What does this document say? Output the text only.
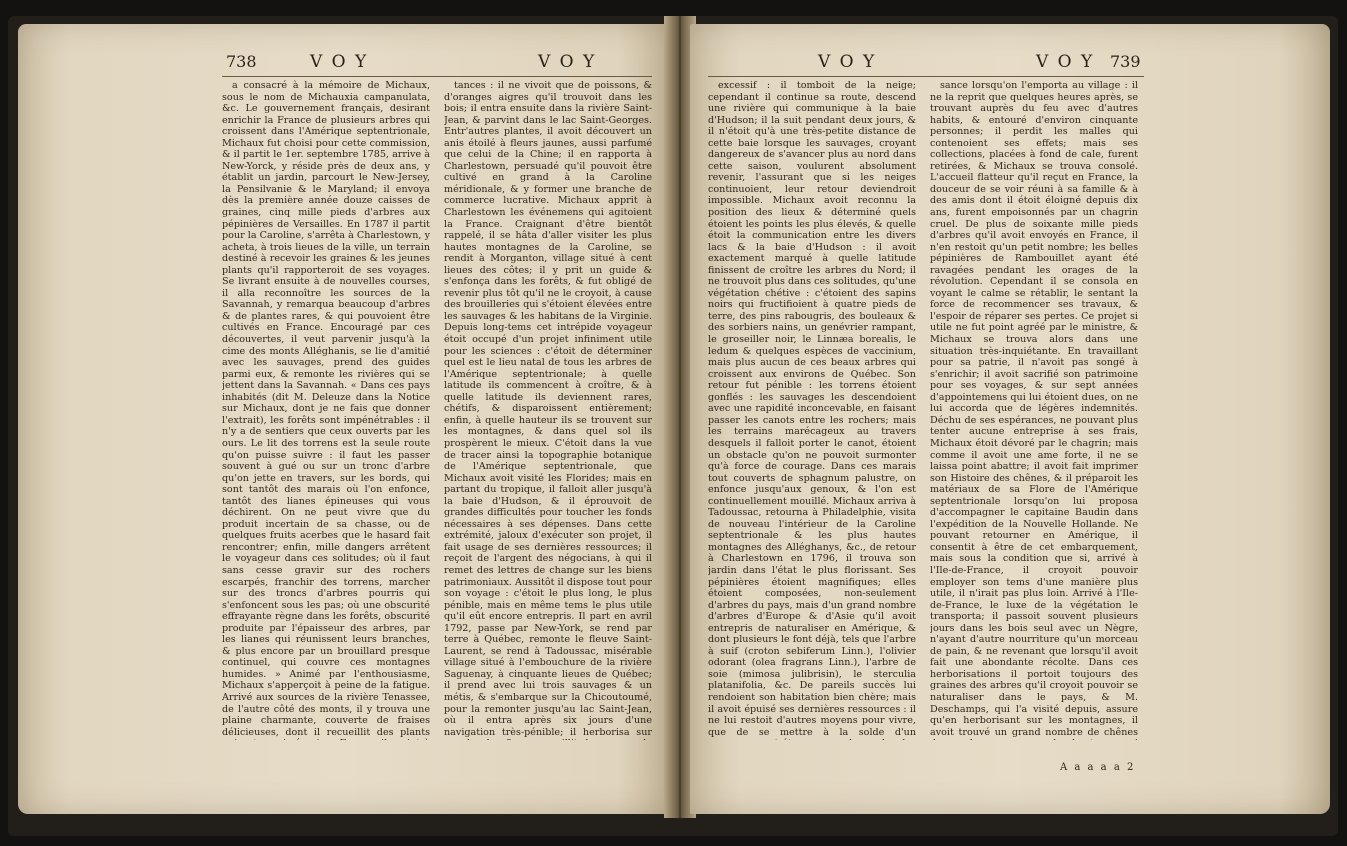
738	V O Y	V O Y

a consacré à la mémoire de Michaux, sous le nom de Michauxia campanulata, &c. Le gouvernement français, desirant enrichir la France de plusieurs arbres qui croissent dans l'Amérique septentrionale, Michaux fut choisi pour cette commission, & il partit le 1er. septembre 1785, arrive à New-Yorck, y réside près de deux ans, y établit un jardin, parcourt le New-Jersey, la Pensilvanie & le Maryland; il envoya dès la première année douze caisses de graines, cinq mille pieds d'arbres aux pépinières de Versailles. En 1787 il partit pour la Caroline, s'arrêta à Charlestown, y acheta, à trois lieues de la ville, un terrain destiné à recevoir les graines & les jeunes plants qu'il rapporteroit de ses voyages. Se livrant ensuite à de nouvelles courses, il alla reconnoître les sources de la Savannah, y remarqua beaucoup d'arbres & de plantes rares, & qui pouvoient être cultivés en France. Encouragé par ces découvertes, il veut parvenir jusqu'à la cime des monts Alléghanis, se lie d'amitié avec les sauvages, prend des guides parmi eux, & remonte les rivières qui se jettent dans la Savannah. « Dans ces pays inhabités (dit M. Deleuze dans la Notice sur Michaux, dont je ne fais que donner l'extrait), les forêts sont impénétrables : il n'y a de sentiers que ceux ouverts par les ours. Le lit des torrens est la seule route qu'on puisse suivre : il faut les passer souvent à gué ou sur un tronc d'arbre qu'on jette en travers, sur les bords, qui sont tantôt des marais où l'on enfonce, tantôt des lianes épineuses qui vous déchirent. On ne peut vivre que du produit incertain de sa chasse, ou de quelques fruits acerbes que le hasard fait rencontrer; enfin, mille dangers arrêtent le voyageur dans ces solitudes; où il faut sans cesse gravir sur des rochers escarpés, franchir des torrens, marcher sur des troncs d'arbres pourris qui s'enfoncent sous les pas; où une obscurité effrayante règne dans les forêts, obscurité produite par l'épaisseur des arbres, par les lianes qui réunissent leurs branches, & plus encore par un brouillard presque continuel, qui couvre ces montagnes humides. » Animé par l'enthousiasme, Michaux s'apperçoit à peine de la fatigue. Arrivé aux sources de la rivière Tenassee, de l'autre côté des monts, il y trouva une plaine charmante, couverte de fraises délicieuses, dont il recueillit des plants

tances : il ne vivoit que de poissons, & d'oranges aigres qu'il trouvoit dans les bois; il entra ensuite dans la rivière Saint-Jean, & parvint dans le lac Saint-Georges. Entr'autres plantes, il avoit découvert un anis étoilé à fleurs jaunes, aussi parfumé que celui de la Chine; il en rapporta à Charlestown, persuadé qu'il pouvoit être cultivé en grand à la Caroline méridionale, & y former une branche de commerce lucrative. Michaux apprit à Charlestown les événemens qui agitoient la France. Craignant d'être bientôt rappelé, il se hâta d'aller visiter les plus hautes montagnes de la Caroline, se rendit à Morganton, village situé à cent lieues des côtes; il y prit un guide & s'enfonça dans les forêts, & fut obligé de revenir plus tôt qu'il ne le croyoit, à cause des brouilleries qui s'étoient élevées entre les sauvages & les habitans de la Virginie. Depuis long-tems cet intrépide voyageur étoit occupé d'un projet infiniment utile pour les sciences : c'étoit de déterminer quel est le lieu natal de tous les arbres de l'Amérique septentrionale; à quelle latitude ils commencent à croître, & à quelle latitude ils deviennent rares, chétifs, & disparoissent entièrement; enfin, à quelle hauteur ils se trouvent sur les montagnes, & dans quel sol ils prospèrent le mieux. C'étoit dans la vue de tracer ainsi la topographie botanique de l'Amérique septentrionale, que Michaux avoit visité les Florides; mais en partant du tropique, il falloit aller jusqu'à la baie d'Hudson, & il éprouvoit de grandes difficultés pour toucher les fonds nécessaires à ses dépenses. Dans cette extrémité, jaloux d'exécuter son projet, il fait usage de ses dernières ressources; il reçoit de l'argent des négocians, à qui il remet des lettres de change sur les biens patrimoniaux. Aussitôt il dispose tout pour son voyage : c'étoit le plus long, le plus pénible, mais en même tems le plus utile qu'il eût encore entrepris. Il part en avril 1792, passe par New-York, se rend par terre à Québec, remonte le fleuve Saint-Laurent, se rend à Tadoussac, misérable village situé à l'embouchure de la rivière Saguenay, à cinquante lieues de Québec; il prend avec lui trois sauvages & un métis, & s'embarque sur la Chicoutoumé, pour la remonter jusqu'au lac Saint-Jean, où il entra après six jours d'une navigation très-pénible; il herborisa sur

V O Y	V O Y 739

excessif : il tomboit de la neige; cependant il continue sa route, descend une rivière qui communique à la baie d'Hudson; il la suit pendant deux jours, & il n'étoit qu'à une très-petite distance de cette baie lorsque les sauvages, croyant dangereux de s'avancer plus au nord dans cette saison, voulurent absolument revenir, l'assurant que si les neiges continuoient, leur retour deviendroit impossible. Michaux avoit reconnu la position des lieux & déterminé quels étoient les points les plus élevés, & quelle étoit la communication entre les divers lacs & la baie d'Hudson : il avoit exactement marqué à quelle latitude finissent de croître les arbres du Nord; il ne trouvoit plus dans ces solitudes, qu'une végétation chétive : c'étoient des sapins noirs qui fructifioient à quatre pieds de terre, des pins rabougris, des bouleaux & des sorbiers nains, un genévrier rampant, le groseiller noir, le Linnæa borealis, le ledum & quelques espèces de vaccinium, mais plus aucun de ces beaux arbres qui croissent aux environs de Québec. Son retour fut pénible : les torrens étoient gonflés : les sauvages les descendoient avec une rapidité inconcevable, en faisant passer les canots entre les rochers; mais les terrains marécageux au travers desquels il falloit porter le canot, étoient un obstacle qu'on ne pouvoit surmonter qu'à force de courage. Dans ces marais tout couverts de sphagnum palustre, on enfonce jusqu'aux genoux, & l'on est continuellement mouillé. Michaux arriva à Tadoussac, retourna à Philadelphie, visita de nouveau l'intérieur de la Caroline septentrionale & les plus hautes montagnes des Alléghanys, &c., de retour à Charlestown en 1796, il trouva son jardin dans l'état le plus florissant. Ses pépinières étoient magnifiques; elles étoient composées, non-seulement d'arbres du pays, mais d'un grand nombre d'arbres d'Europe & d'Asie qu'il avoit entrepris de naturaliser en Amérique, & dont plusieurs le font déjà, tels que l'arbre à suif (croton sebiferum Linn.), l'olivier odorant (olea fragrans Linn.), l'arbre de soie (mimosa julibrisin), le sterculia platanifolia, &c. De pareils succès lui rendoient son habitation bien chère; mais il avoit épuisé ses dernières ressources : il ne lui restoit d'autres moyens pour vivre, que de se mettre à la solde d'un

sance lorsqu'on l'emporta au village : il ne la reprit que quelques heures après, se trouvant auprès du feu avec d'autres habits, & entouré d'environ cinquante personnes; il perdit les malles qui contenoient ses effets; mais ses collections, placées à fond de cale, furent retirées, & Michaux se trouva consolé. L'accueil flatteur qu'il reçut en France, la douceur de se voir réuni à sa famille & à des amis dont il étoit éloigné depuis dix ans, furent empoisonnés par un chagrin cruel. De plus de soixante mille pieds d'arbres qu'il avoit envoyés en France, il n'en restoit qu'un petit nombre; les belles pépinières de Rambouillet ayant été ravagées pendant les orages de la révolution. Cependant il se consola en voyant le calme se rétablir, le sentant la force de recommencer ses travaux, & l'espoir de réparer ses pertes. Ce projet si utile ne fut point agréé par le ministre, & Michaux se trouva alors dans une situation très-inquiétante. En travaillant pour sa patrie, il n'avoit pas songé à s'enrichir; il avoit sacrifié son patrimoine pour ses voyages, & sur sept années d'appointemens qui lui étoient dues, on ne lui accorda que de légères indemnités. Déchu de ses espérances, ne pouvant plus tenter aucune entreprise à ses frais, Michaux étoit dévoré par le chagrin; mais comme il avoit une ame forte, il ne se laissa point abattre; il avoit fait imprimer son Histoire des chênes, & il préparoit les matériaux de sa Flore de l'Amérique septentrionale lorsqu'on lui proposa d'accompagner le capitaine Baudin dans l'expédition de la Nouvelle Hollande. Ne pouvant retourner en Amérique, il consentit à être de cet embarquement, mais sous la condition que si, arrivé à l'Ile-de-France, il croyoit pouvoir employer son tems d'une manière plus utile, il n'irait pas plus loin. Arrivé à l'Ile-de-France, le luxe de la végétation le transporta; il passoit souvent plusieurs jours dans les bois seul avec un Nègre, n'ayant d'autre nourriture qu'un morceau de pain, & ne revenant que lorsqu'il avoit fait une abondante récolte. Dans ces herborisations il portoit toujours des graines des arbres qu'il croyoit pouvoir se naturaliser dans le pays, & M. Deschamps, qui l'a visité depuis, assure qu'en herborisant sur les montagnes, il avoit trouvé un grand nombre de chênes

A a a a a 2
